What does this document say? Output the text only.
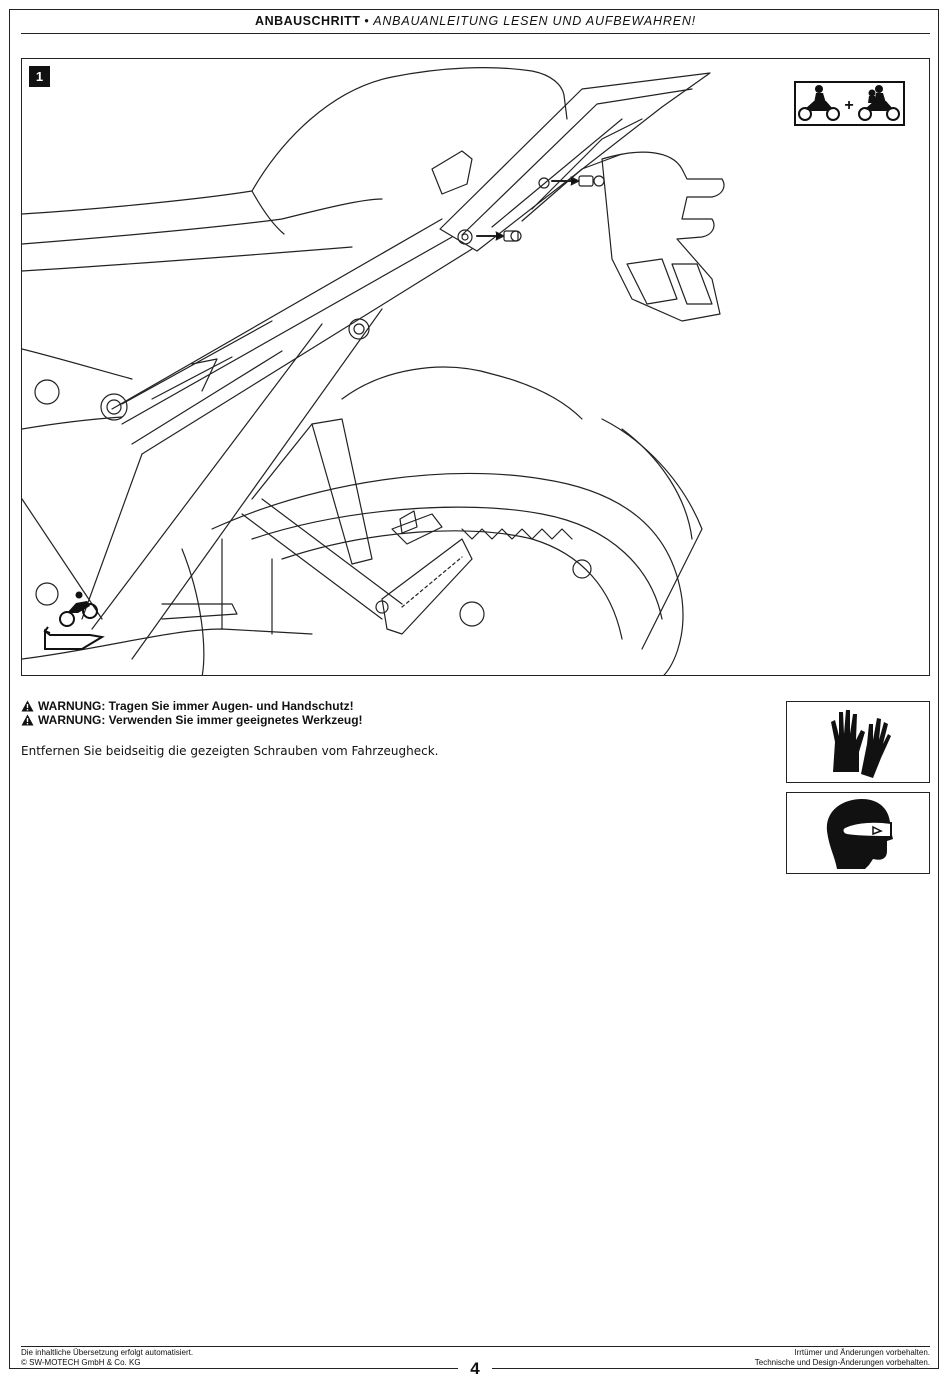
ANBAUSCHRITT • ANBAUANLEITUNG LESEN UND AUFBEWAHREN!
1
+
WARNUNG:
Tragen Sie immer Augen- und Handschutz!
WARNUNG:
Verwenden Sie immer geeignetes Werkzeug!
Entfernen Sie beidseitig die gezeigten Schrauben vom Fahrzeugheck.
Die inhaltliche Übersetzung erfolgt automatisiert.
© SW-MOTECH GmbH & Co. KG
Irrtümer und Änderungen vorbehalten.
Technische und Design-Änderungen vorbehalten.
4
